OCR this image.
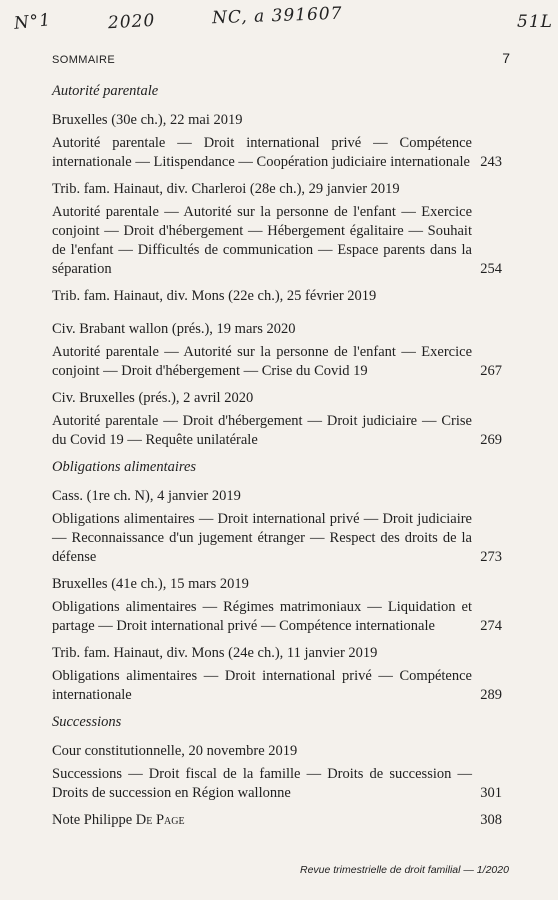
N°1	2020	NC, a 391607	51L
SOMMAIRE	7
Autorité parentale
Bruxelles (30e ch.), 22 mai 2019
Autorité parentale — Droit international privé — Compétence internationale — Litispendance — Coopération judiciaire internationale 243
Trib. fam. Hainaut, div. Charleroi (28e ch.), 29 janvier 2019
Autorité parentale — Autorité sur la personne de l'enfant — Exercice conjoint — Droit d'hébergement — Hébergement égalitaire — Souhait de l'enfant — Difficultés de communication — Espace parents dans la séparation	254
Trib. fam. Hainaut, div. Mons (22e ch.), 25 février 2019
Civ. Brabant wallon (prés.), 19 mars 2020
Autorité parentale — Autorité sur la personne de l'enfant — Exercice conjoint — Droit d'hébergement — Crise du Covid 19	267
Civ. Bruxelles (prés.), 2 avril 2020
Autorité parentale — Droit d'hébergement — Droit judiciaire — Crise du Covid 19 — Requête unilatérale	269
Obligations alimentaires
Cass. (1re ch. N), 4 janvier 2019
Obligations alimentaires — Droit international privé — Droit judiciaire — Reconnaissance d'un jugement étranger — Respect des droits de la défense	273
Bruxelles (41e ch.), 15 mars 2019
Obligations alimentaires — Régimes matrimoniaux — Liquidation et partage — Droit international privé — Compétence internationale	274
Trib. fam. Hainaut, div. Mons (24e ch.), 11 janvier 2019
Obligations alimentaires — Droit international privé — Compétence internationale	289
Successions
Cour constitutionnelle, 20 novembre 2019
Successions — Droit fiscal de la famille — Droits de succession — Droits de succession en Région wallonne	301
Note Philippe De Page	308
Revue trimestrielle de droit familial — 1/2020
